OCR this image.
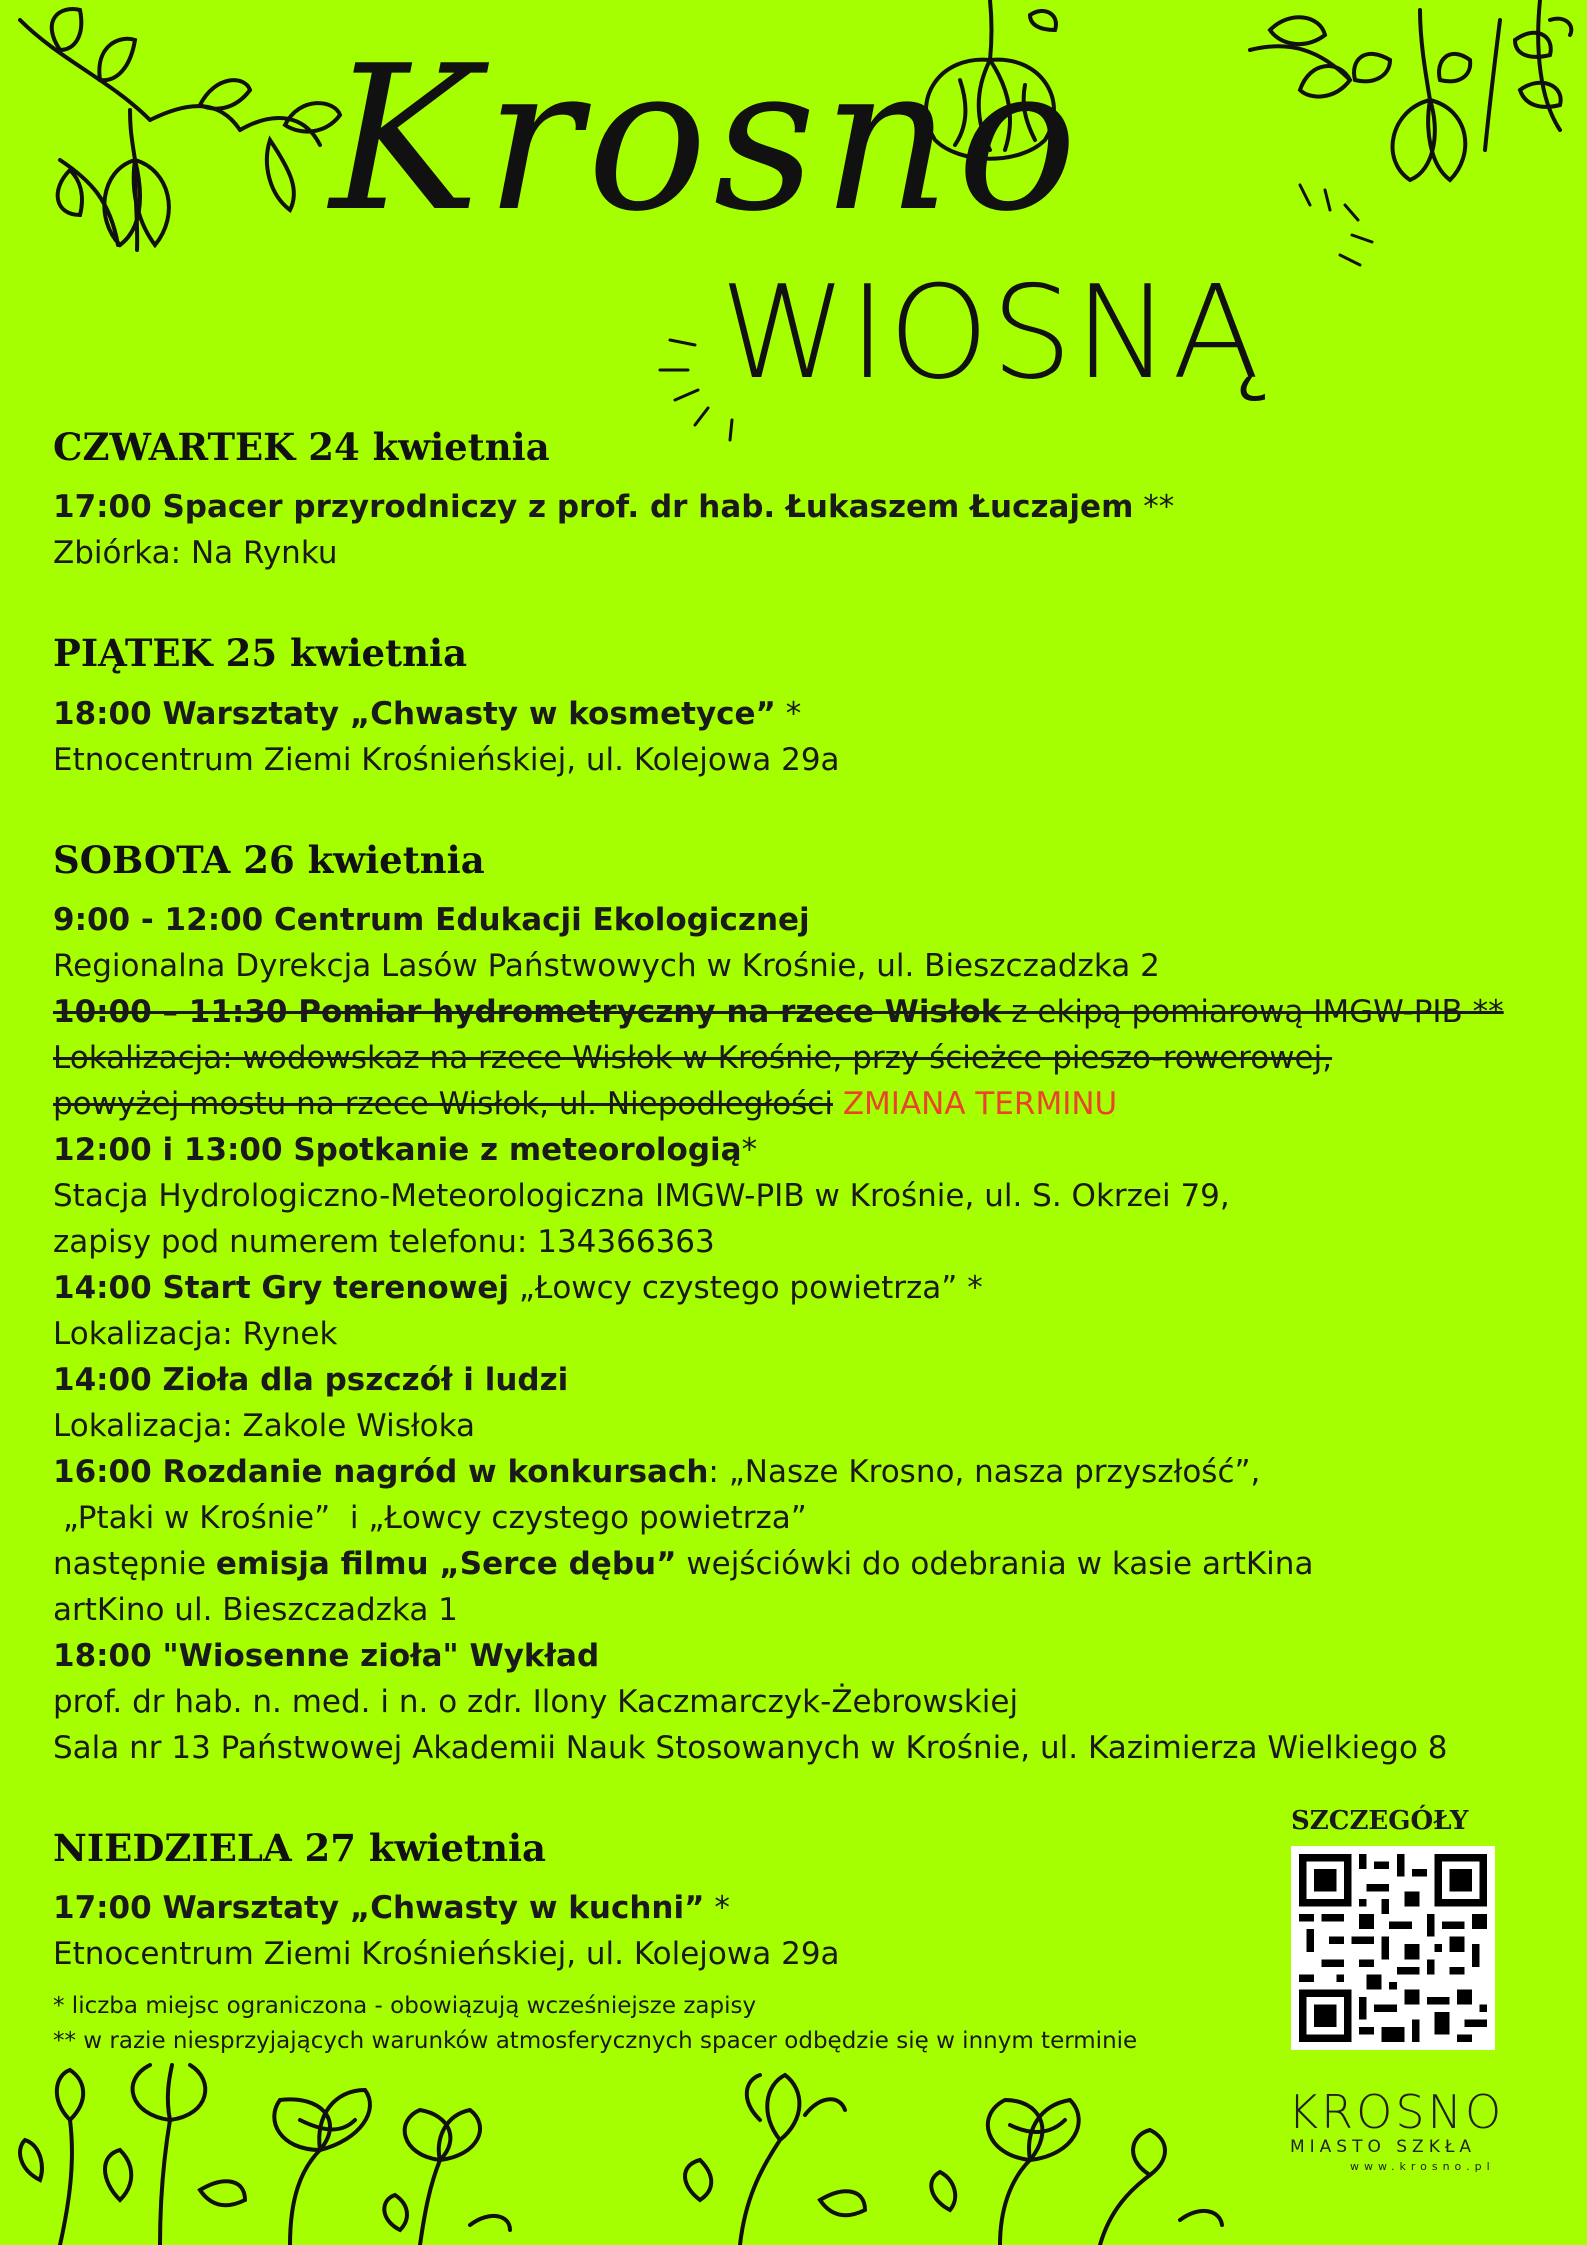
Krosno
WIOSNĄ
CZWARTEK 24 kwietnia
17:00 Spacer przyrodniczy z prof. dr hab. Łukaszem Łuczajem **
Zbiórka: Na Rynku
PIĄTEK 25 kwietnia
18:00 Warsztaty „Chwasty w kosmetyce” *
Etnocentrum Ziemi Krośnieńskiej, ul. Kolejowa 29a
SOBOTA 26 kwietnia
9:00 - 12:00 Centrum Edukacji Ekologicznej
Regionalna Dyrekcja Lasów Państwowych w Krośnie, ul. Bieszczadzka 2
10:00 – 11:30 Pomiar hydrometryczny na rzece Wisłok z ekipą pomiarową IMGW-PIB **
Lokalizacja: wodowskaz na rzece Wisłok w Krośnie, przy ścieżce pieszo-rowerowej,
powyżej mostu na rzece Wisłok, ul. Niepodległości ZMIANA TERMINU
12:00 i 13:00 Spotkanie z meteorologią*
Stacja Hydrologiczno-Meteorologiczna IMGW-PIB w Krośnie, ul. S. Okrzei 79,
zapisy pod numerem telefonu: 134366363
14:00 Start Gry terenowej „Łowcy czystego powietrza” *
Lokalizacja: Rynek
14:00 Zioła dla pszczół i ludzi
Lokalizacja: Zakole Wisłoka
16:00 Rozdanie nagród w konkursach: „Nasze Krosno, nasza przyszłość”,
„Ptaki w Krośnie”  i „Łowcy czystego powietrza”
następnie emisja filmu „Serce dębu” wejściówki do odebrania w kasie artKina
artKino ul. Bieszczadzka 1
18:00 "Wiosenne zioła" Wykład
prof. dr hab. n. med. i n. o zdr. Ilony Kaczmarczyk-Żebrowskiej
Sala nr 13 Państwowej Akademii Nauk Stosowanych w Krośnie, ul. Kazimierza Wielkiego 8
NIEDZIELA 27 kwietnia
17:00 Warsztaty „Chwasty w kuchni” *
Etnocentrum Ziemi Krośnieńskiej, ul. Kolejowa 29a
* liczba miejsc ograniczona - obowiązują wcześniejsze zapisy
** w razie niesprzyjających warunków atmosferycznych spacer odbędzie się w innym terminie
SZCZEGÓŁY
KROSNO
MIASTO SZKŁA
www.krosno.pl
